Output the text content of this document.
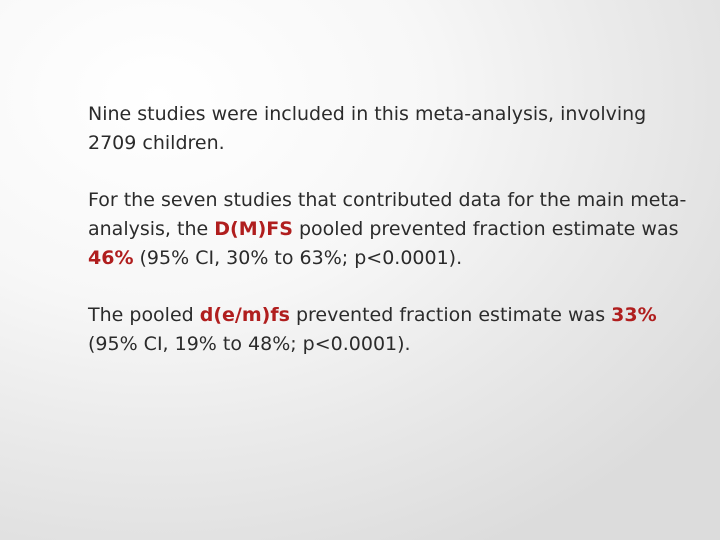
Nine studies were included in this meta-analysis, involving 2709 children.

For the seven studies that contributed data for the main meta-analysis, the D(M)FS pooled prevented fraction estimate was 46% (95% CI, 30% to 63%; p<0.0001).

The pooled d(e/m)fs prevented fraction estimate was 33% (95% CI, 19% to 48%; p<0.0001).
